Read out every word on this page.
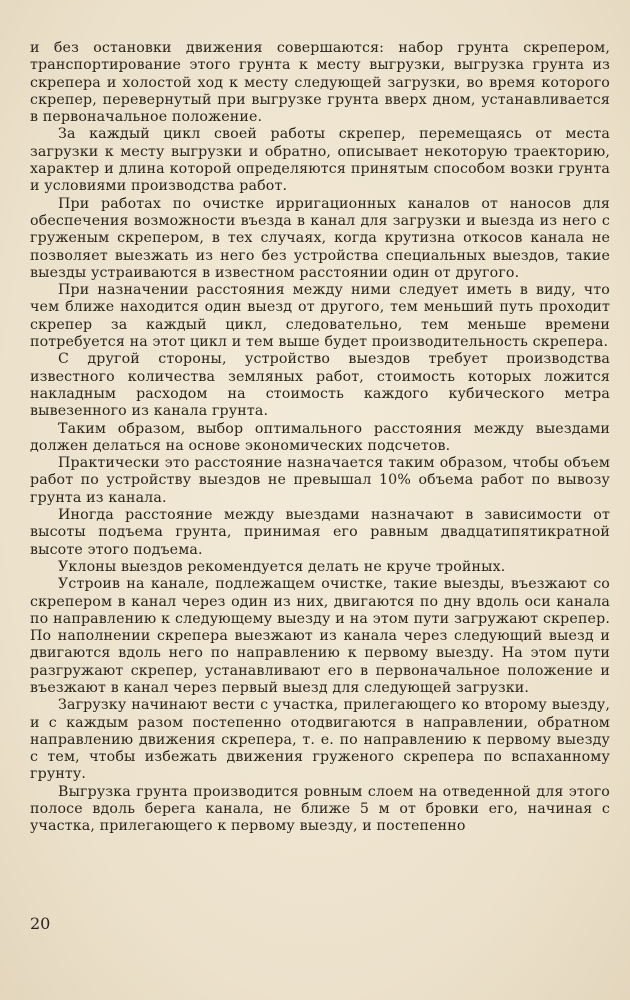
и без остановки движения совершаются: набор грунта скрепером, транспортирование этого грунта к месту выгрузки, выгрузка грунта из скрепера и холостой ход к месту следующей загрузки, во время которого скрепер, перевернутый при выгрузке грунта вверх дном, устанавливается в первоначальное положение.

За каждый цикл своей работы скрепер, перемещаясь от места загрузки к месту выгрузки и обратно, описывает некоторую траекторию, характер и длина которой определяются принятым способом возки грунта и условиями производства работ.

При работах по очистке ирригационных каналов от наносов для обеспечения возможности въезда в канал для загрузки и выезда из него с груженым скрепером, в тех случаях, когда крутизна откосов канала не позволяет выезжать из него без устройства специальных выездов, такие выезды устраиваются в известном расстоянии один от другого.

При назначении расстояния между ними следует иметь в виду, что чем ближе находится один выезд от другого, тем меньший путь проходит скрепер за каждый цикл, следовательно, тем меньше времени потребуется на этот цикл и тем выше будет производительность скрепера.

С другой стороны, устройство выездов требует производства известного количества земляных работ, стоимость которых ложится накладным расходом на стоимость каждого кубического метра вывезенного из канала грунта.

Таким образом, выбор оптимального расстояния между выездами должен делаться на основе экономических подсчетов.

Практически это расстояние назначается таким образом, чтобы объем работ по устройству выездов не превышал 10% объема работ по вывозу грунта из канала.

Иногда расстояние между выездами назначают в зависимости от высоты подъема грунта, принимая его равным двадцатипятикратной высоте этого подъема.

Уклоны выездов рекомендуется делать не круче тройных.

Устроив на канале, подлежащем очистке, такие выезды, въезжают со скрепером в канал через один из них, двигаются по дну вдоль оси канала по направлению к следующему выезду и на этом пути загружают скрепер. По наполнении скрепера выезжают из канала через следующий выезд и двигаются вдоль него по направлению к первому выезду. На этом пути разгружают скрепер, устанавливают его в первоначальное положение и въезжают в канал через первый выезд для следующей загрузки.

Загрузку начинают вести с участка, прилегающего ко второму выезду, и с каждым разом постепенно отодвигаются в направлении, обратном направлению движения скрепера, т. е. по направлению к первому выезду с тем, чтобы избежать движения груженого скрепера по вспаханному грунту.

Выгрузка грунта производится ровным слоем на отведенной для этого полосе вдоль берега канала, не ближе 5 м от бровки его, начиная с участка, прилегающего к первому выезду, и постепенно

20
